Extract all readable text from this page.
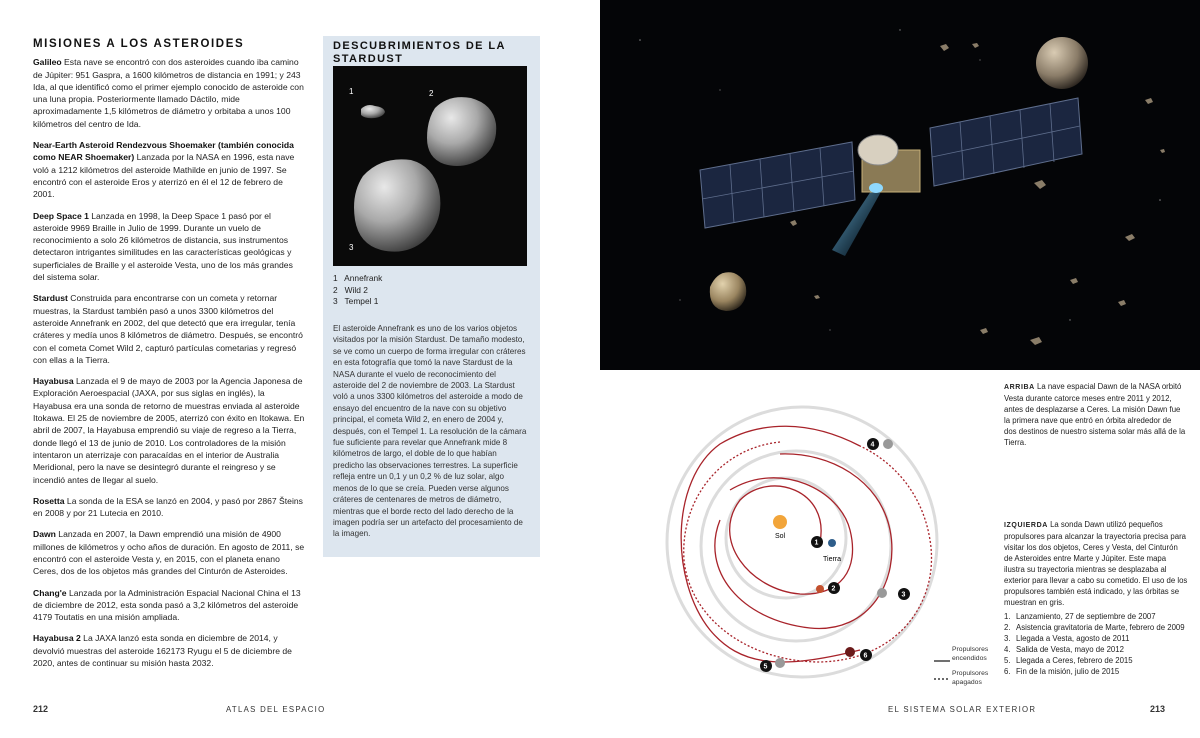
MISIONES A LOS ASTEROIDES

Galileo Esta nave se encontró con dos asteroides cuando iba camino de Júpiter: 951 Gaspra, a 1600 kilómetros de distancia en 1991; y 243 Ida, al que identificó como el primer ejemplo conocido de asteroide con una luna propia. Posteriormente llamado Dáctilo, mide aproximadamente 1,5 kilómetros de diámetro y orbitaba a unos 100 kilómetros del centro de Ida.

Near-Earth Asteroid Rendezvous Shoemaker (también conocida como NEAR Shoemaker) Lanzada por la NASA en 1996, esta nave voló a 1212 kilómetros del asteroide Mathilde en junio de 1997. Se encontró con el asteroide Eros y aterrizó en él el 12 de febrero de 2001.

Deep Space 1 Lanzada en 1998, la Deep Space 1 pasó por el asteroide 9969 Braille in Julio de 1999. Durante un vuelo de reconocimiento a solo 26 kilómetros de distancia, sus instrumentos detectaron intrigantes similitudes en las características geológicas y superficiales de Braille y el asteroide Vesta, uno de los más grandes del sistema solar.

Stardust Construida para encontrarse con un cometa y retornar muestras, la Stardust también pasó a unos 3300 kilómetros del asteroide Annefrank en 2002, del que detectó que era irregular, tenía cráteres y medía unos 8 kilómetros de diámetro. Después, se encontró con el cometa Comet Wild 2, capturó partículas cometarias y regresó con ellas a la Tierra.

Hayabusa Lanzada el 9 de mayo de 2003 por la Agencia Japonesa de Exploración Aeroespacial (JAXA, por sus siglas en inglés), la Hayabusa era una sonda de retorno de muestras enviada al asteroide Itokawa. El 25 de noviembre de 2005, aterrizó con éxito en Itokawa. En abril de 2007, la Hayabusa emprendió su viaje de regreso a la Tierra, donde llegó el 13 de junio de 2010. Los controladores de la misión intentaron un aterrizaje con paracaídas en el interior de Australia Meridional, pero la nave se desintegró durante el reingreso y se incendió antes de llegar al suelo.

Rosetta La sonda de la ESA se lanzó en 2004, y pasó por 2867 Šteins en 2008 y por 21 Lutecia en 2010.

Dawn Lanzada en 2007, la Dawn emprendió una misión de 4900 millones de kilómetros y ocho años de duración. En agosto de 2011, se encontró con el asteroide Vesta y, en 2015, con el planeta enano Ceres, dos de los objetos más grandes del Cinturón de Asteroides.

Chang'e Lanzada por la Administración Espacial Nacional China el 13 de diciembre de 2012, esta sonda pasó a 3,2 kilómetros del asteroide 4179 Toutatis en una misión ampliada.

Hayabusa 2 La JAXA lanzó esta sonda en diciembre de 2014, y devolvió muestras del asteroide 162173 Ryugu el 5 de diciembre de 2020, antes de continuar su misión hasta 2032.

DESCUBRIMIENTOS DE LA STARDUST
1	2
3
1   Annefrank
2   Wild 2
3   Tempel 1
El asteroide Annefrank es uno de los varios objetos visitados por la misión Stardust. De tamaño modesto, se ve como un cuerpo de forma irregular con cráteres en esta fotografía que tomó la nave Stardust de la NASA durante el vuelo de reconocimiento del asteroide del 2 de noviembre de 2003. La Stardust voló a unos 3300 kilómetros del asteroide a modo de ensayo del encuentro de la nave con su objetivo principal, el cometa Wild 2, en enero de 2004 y, después, con el Tempel 1. La resolución de la cámara fue suficiente para revelar que Annefrank mide 8 kilómetros de largo, el doble de lo que habían predicho las observaciones terrestres. La superficie refleja entre un 0,1 y un 0,2 % de luz solar, algo menos de lo que se creía. Pueden verse algunos cráteres de centenares de metros de diámetro, mientras que el borde recto del lado derecho de la imagen podría ser un artefacto del procesamiento de la imagen.
212	ATLAS DEL ESPACIO
Sol
Tierra
1
2
3
4
5
6
Propulsores
encendidos
Propulsores
apagados
ARRIBA La nave espacial Dawn de la NASA orbitó Vesta durante catorce meses entre 2011 y 2012, antes de desplazarse a Ceres. La misión Dawn fue la primera nave que entró en órbita alrededor de dos destinos de nuestro sistema solar más allá de la Tierra.
IZQUIERDA La sonda Dawn utilizó pequeños propulsores para alcanzar la trayectoria precisa para visitar los dos objetos, Ceres y Vesta, del Cinturón de Asteroides entre Marte y Júpiter. Este mapa ilustra su trayectoria mientras se desplazaba al exterior para llevar a cabo su cometido. El uso de los propulsores también está indicado, y las órbitas se muestran en gris.
1. Lanzamiento, 27 de septiembre de 2007
2. Asistencia gravitatoria de Marte, febrero de 2009
3. Llegada a Vesta, agosto de 2011
4. Salida de Vesta, mayo de 2012
5. Llegada a Ceres, febrero de 2015
6. Fin de la misión, julio de 2015
EL SISTEMA SOLAR EXTERIOR	213
